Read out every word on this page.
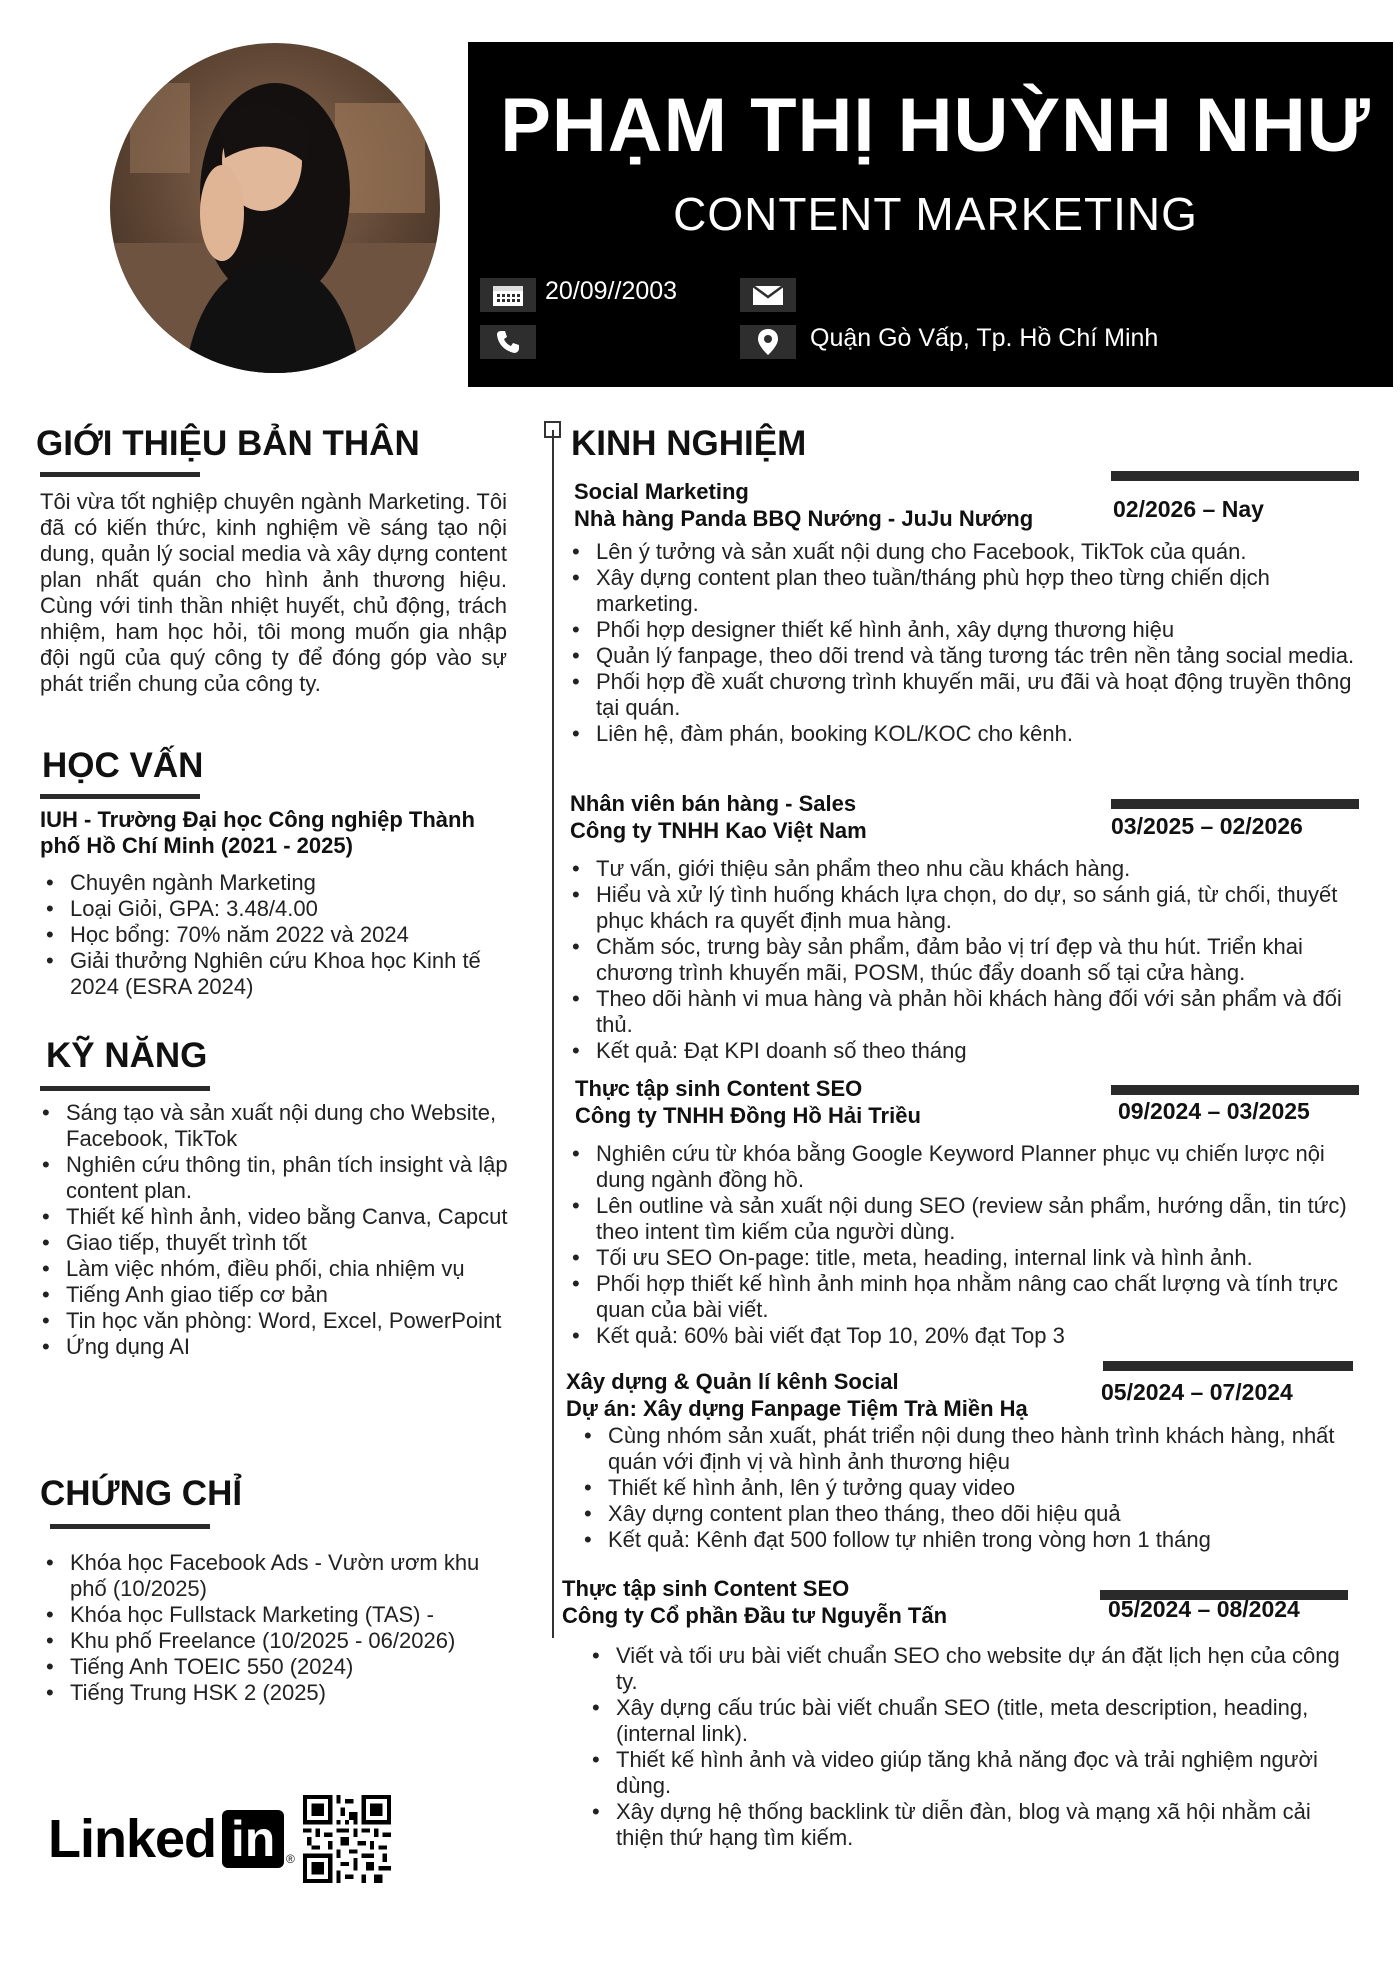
PHẠM THỊ HUỲNH NHƯ
CONTENT MARKETING
20/09//2003
Quận Gò Vấp, Tp. Hồ Chí Minh
GIỚI THIỆU BẢN THÂN
Tôi vừa tốt nghiệp chuyên ngành Marketing. Tôi đã có kiến thức, kinh nghiệm về sáng tạo nội dung, quản lý social media và xây dựng content plan nhất quán cho hình ảnh thương hiệu. Cùng với tinh thần nhiệt huyết, chủ động, trách nhiệm, ham học hỏi, tôi mong muốn gia nhập đội ngũ của quý công ty để đóng góp vào sự phát triển chung của công ty.
HỌC VẤN
IUH - Trường Đại học Công nghiệp Thành phố Hồ Chí Minh (2021 - 2025)
• Chuyên ngành Marketing
• Loại Giỏi, GPA: 3.48/4.00
• Học bổng: 70% năm 2022 và 2024
• Giải thưởng Nghiên cứu Khoa học Kinh tế 2024 (ESRA 2024)
KỸ NĂNG
• Sáng tạo và sản xuất nội dung cho Website, Facebook, TikTok
• Nghiên cứu thông tin, phân tích insight và lập content plan.
• Thiết kế hình ảnh, video bằng Canva, Capcut
• Giao tiếp, thuyết trình tốt
• Làm việc nhóm, điều phối, chia nhiệm vụ
• Tiếng Anh giao tiếp cơ bản
• Tin học văn phòng: Word, Excel, PowerPoint
• Ứng dụng AI
CHỨNG CHỈ
• Khóa học Facebook Ads - Vườn ươm khu phố (10/2025)
• Khóa học Fullstack Marketing (TAS) -
• Khu phố Freelance (10/2025 - 06/2026)
• Tiếng Anh TOEIC 550 (2024)
• Tiếng Trung HSK 2 (2025)
KINH NGHIỆM
Social Marketing
Nhà hàng Panda BBQ Nướng - JuJu Nướng	02/2026 – Nay
• Lên ý tưởng và sản xuất nội dung cho Facebook, TikTok của quán.
• Xây dựng content plan theo tuần/tháng phù hợp theo từng chiến dịch marketing.
• Phối hợp designer thiết kế hình ảnh, xây dựng thương hiệu
• Quản lý fanpage, theo dõi trend và tăng tương tác trên nền tảng social media.
• Phối hợp đề xuất chương trình khuyến mãi, ưu đãi và hoạt động truyền thông tại quán.
• Liên hệ, đàm phán, booking KOL/KOC cho kênh.
Nhân viên bán hàng - Sales
Công ty TNHH Kao Việt Nam	03/2025 – 02/2026
• Tư vấn, giới thiệu sản phẩm theo nhu cầu khách hàng.
• Hiểu và xử lý tình huống khách lựa chọn, do dự, so sánh giá, từ chối, thuyết phục khách ra quyết định mua hàng.
• Chăm sóc, trưng bày sản phẩm, đảm bảo vị trí đẹp và thu hút. Triển khai chương trình khuyến mãi, POSM, thúc đẩy doanh số tại cửa hàng.
• Theo dõi hành vi mua hàng và phản hồi khách hàng đối với sản phẩm và đối thủ.
• Kết quả: Đạt KPI doanh số theo tháng
Thực tập sinh Content SEO
Công ty TNHH Đồng Hồ Hải Triều	09/2024 – 03/2025
• Nghiên cứu từ khóa bằng Google Keyword Planner phục vụ chiến lược nội dung ngành đồng hồ.
• Lên outline và sản xuất nội dung SEO (review sản phẩm, hướng dẫn, tin tức) theo intent tìm kiếm của người dùng.
• Tối ưu SEO On-page: title, meta, heading, internal link và hình ảnh.
• Phối hợp thiết kế hình ảnh minh họa nhằm nâng cao chất lượng và tính trực quan của bài viết.
• Kết quả: 60% bài viết đạt Top 10, 20% đạt Top 3
Xây dựng & Quản lí kênh Social
Dự án: Xây dựng Fanpage Tiệm Trà Miền Hạ
05/2024 – 07/2024
• Cùng nhóm sản xuất, phát triển nội dung theo hành trình khách hàng, nhất quán với định vị và hình ảnh thương hiệu
• Thiết kế hình ảnh, lên ý tưởng quay video
• Xây dựng content plan theo tháng, theo dõi hiệu quả
• Kết quả: Kênh đạt 500 follow tự nhiên trong vòng hơn 1 tháng
Thực tập sinh Content SEO
Công ty Cổ phần Đầu tư Nguyễn Tấn	05/2024 – 08/2024
• Viết và tối ưu bài viết chuẩn SEO cho website dự án đặt lịch hẹn của công ty.
• Xây dựng cấu trúc bài viết chuẩn SEO (title, meta description, heading, (internal link).
• Thiết kế hình ảnh và video giúp tăng khả năng đọc và trải nghiệm người dùng.
• Xây dựng hệ thống backlink từ diễn đàn, blog và mạng xã hội nhằm cải thiện thứ hạng tìm kiếm.
Linked in ®
